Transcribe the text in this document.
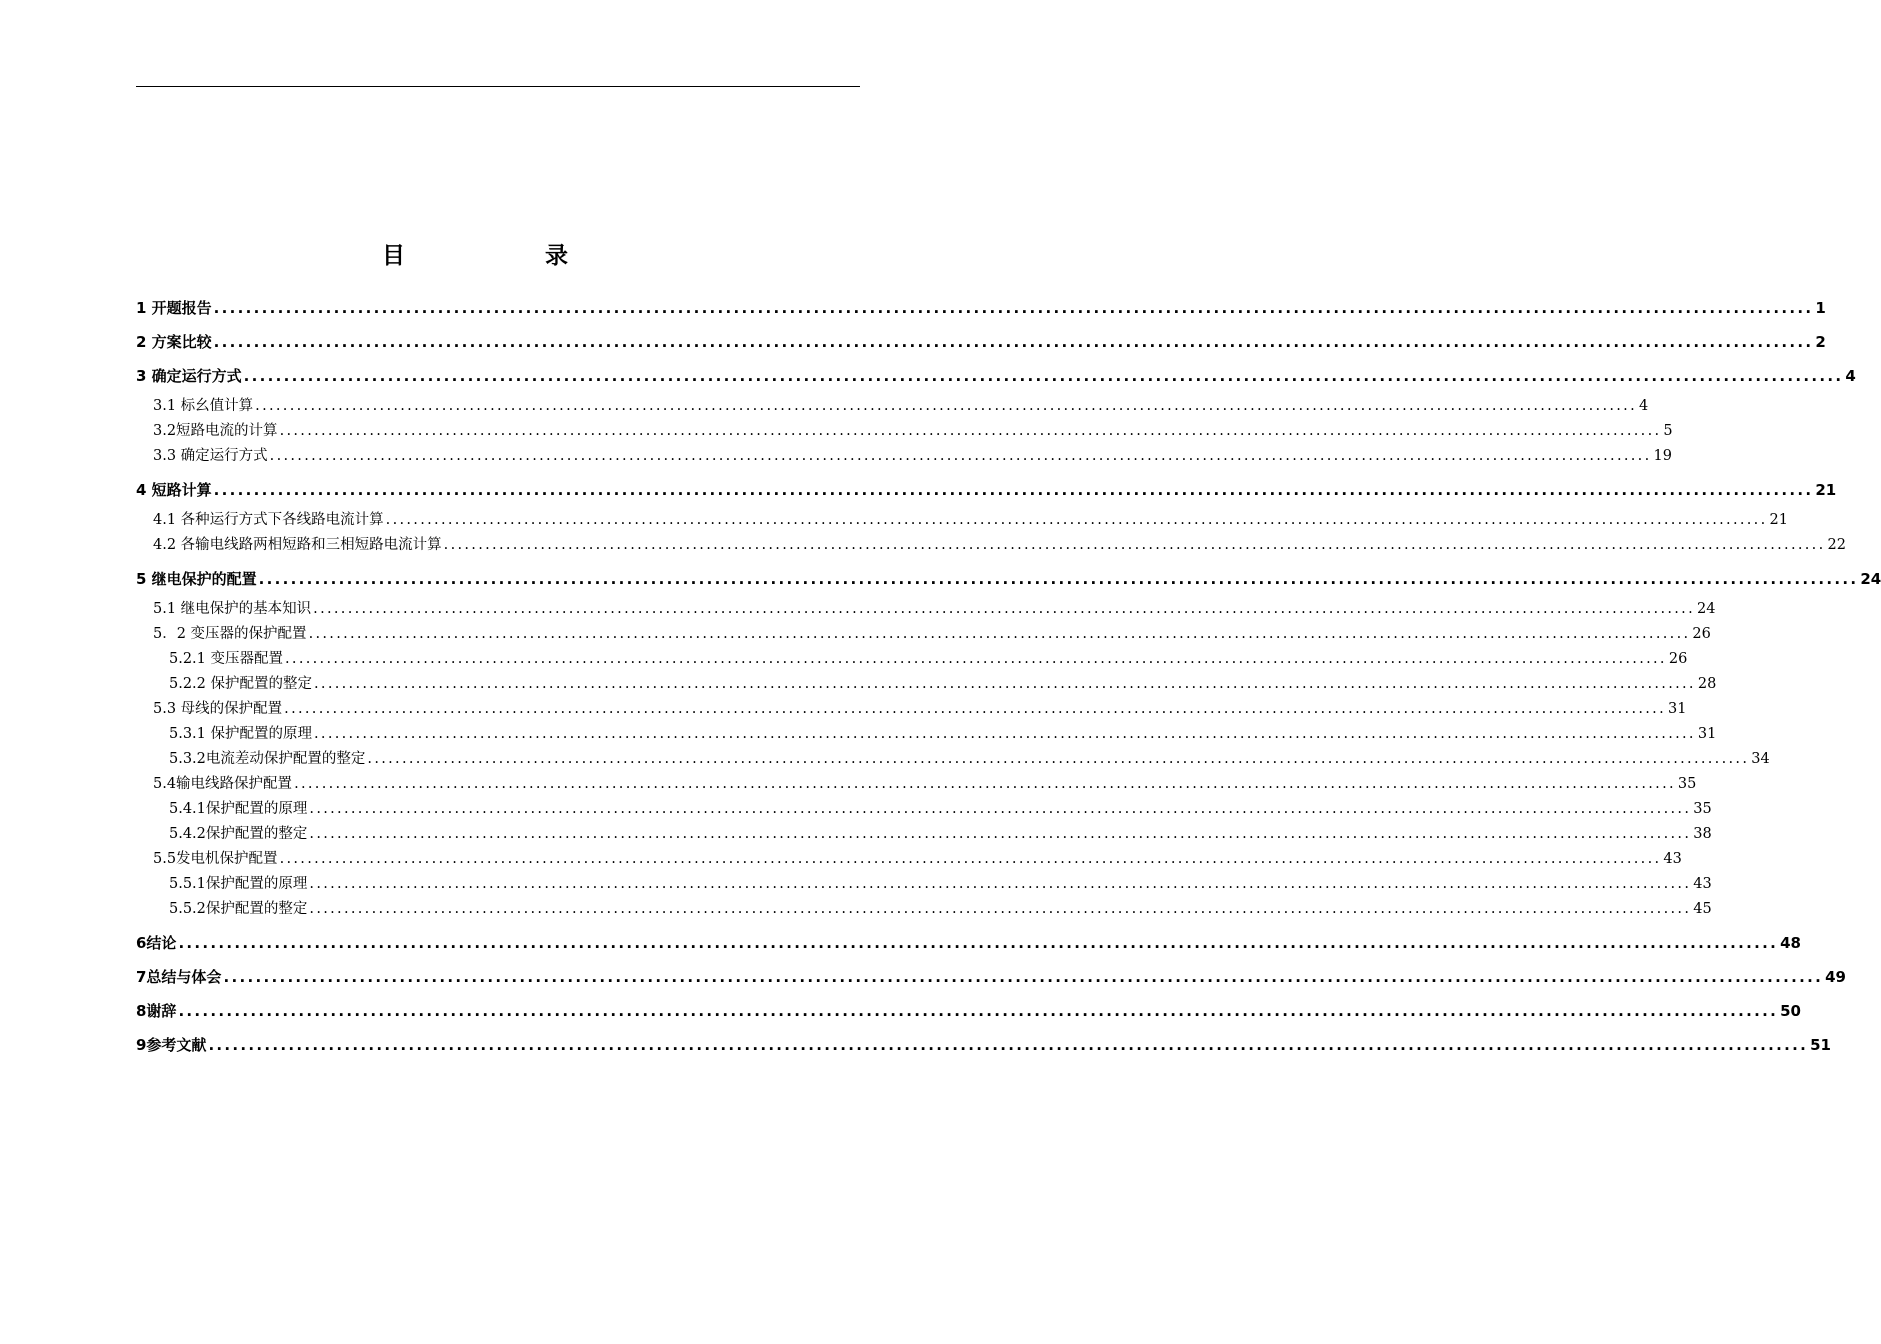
目	录
1 开题报告 ........................................................................................................................................................................................................ 1
2 方案比较 ........................................................................................................................................................................................................ 2
3 确定运行方式 ........................................................................................................................................................................................................ 4
3.1 标幺值计算 ........................................................................................................................................................................................................ 4
3.2短路电流的计算 ........................................................................................................................................................................................................ 5
3.3 确定运行方式 ........................................................................................................................................................................................................ 19
4 短路计算 ........................................................................................................................................................................................................ 21
4.1 各种运行方式下各线路电流计算 ........................................................................................................................................................................................................ 21
4.2 各输电线路两相短路和三相短路电流计算 ........................................................................................................................................................................................................ 22
5 继电保护的配置 ........................................................................................................................................................................................................ 24
5.1 继电保护的基本知识 ........................................................................................................................................................................................................ 24
5．2 变压器的保护配置 ........................................................................................................................................................................................................ 26
5.2.1 变压器配置 ........................................................................................................................................................................................................ 26
5.2.2 保护配置的整定 ........................................................................................................................................................................................................ 28
5.3 母线的保护配置 ........................................................................................................................................................................................................ 31
5.3.1 保护配置的原理 ........................................................................................................................................................................................................ 31
5.3.2电流差动保护配置的整定 ........................................................................................................................................................................................................ 34
5.4输电线路保护配置 ........................................................................................................................................................................................................ 35
5.4.1保护配置的原理 ........................................................................................................................................................................................................ 35
5.4.2保护配置的整定 ........................................................................................................................................................................................................ 38
5.5发电机保护配置 ........................................................................................................................................................................................................ 43
5.5.1保护配置的原理 ........................................................................................................................................................................................................ 43
5.5.2保护配置的整定 ........................................................................................................................................................................................................ 45
6结论 ........................................................................................................................................................................................................ 48
7总结与体会 ........................................................................................................................................................................................................ 49
8谢辞 ........................................................................................................................................................................................................ 50
9参考文献 ........................................................................................................................................................................................................ 51
